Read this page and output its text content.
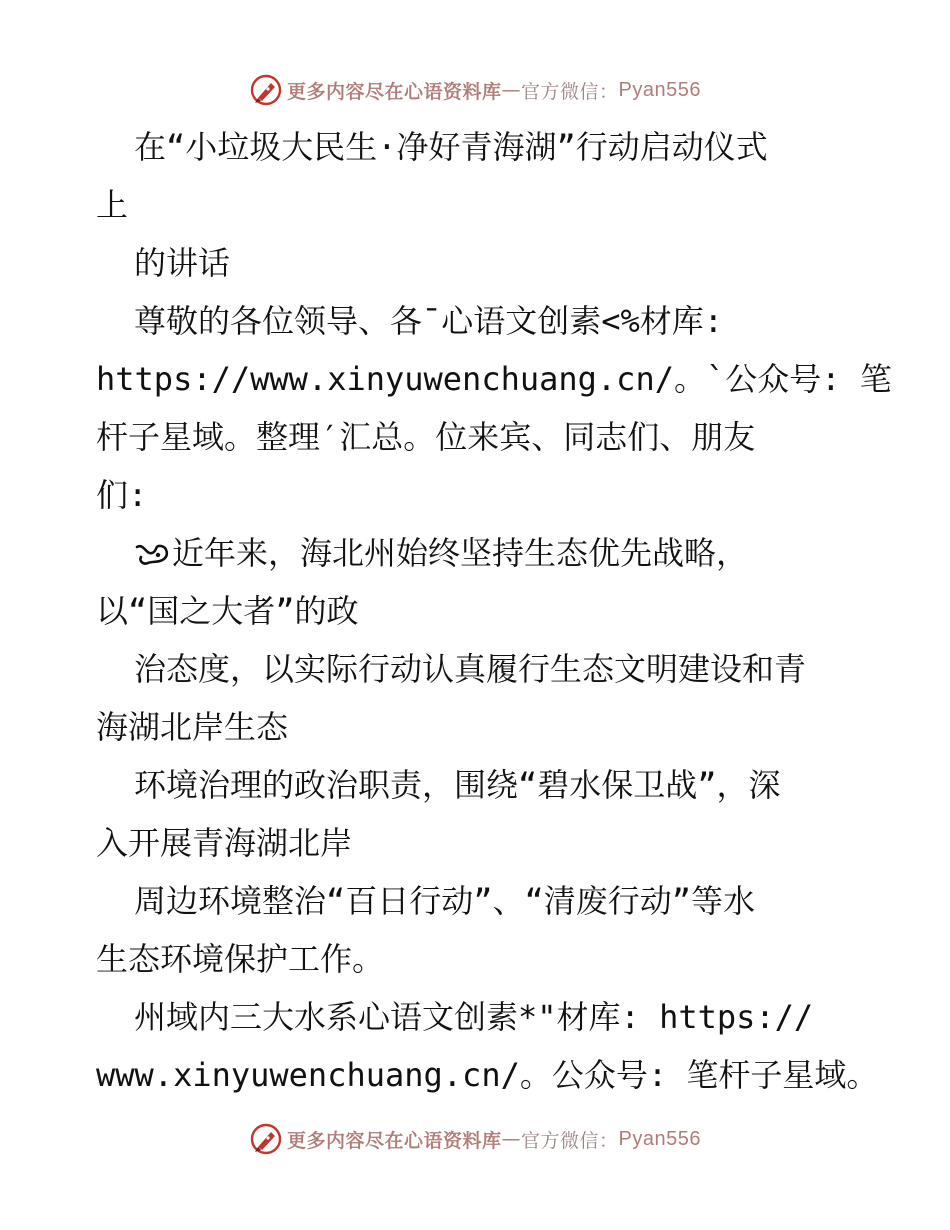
更多内容尽在心语资料库 — 官方微信： Pyan556
在“小垃圾大民生·净好青海湖”行动启动仪式
上
的讲话
尊敬的各位领导、各¯心语文创素<%材库:
https://www.xinyuwenchuang.cn/。`公众号: 笔
杆子星域。整理′汇总。位来宾、同志们、朋友
们:
近年来，海北州始终坚持生态优先战略，
以“国之大者”的政
治态度，以实际行动认真履行生态文明建设和青
海湖北岸生态
环境治理的政治职责，围绕“碧水保卫战”，深
入开展青海湖北岸
周边环境整治“百日行动”、“清废行动”等水
生态环境保护工作。
州域内三大水系心语文创素*"材库: https://
www.xinyuwenchuang.cn/。公众号: 笔杆子星域。
更多内容尽在心语资料库 — 官方微信： Pyan556
